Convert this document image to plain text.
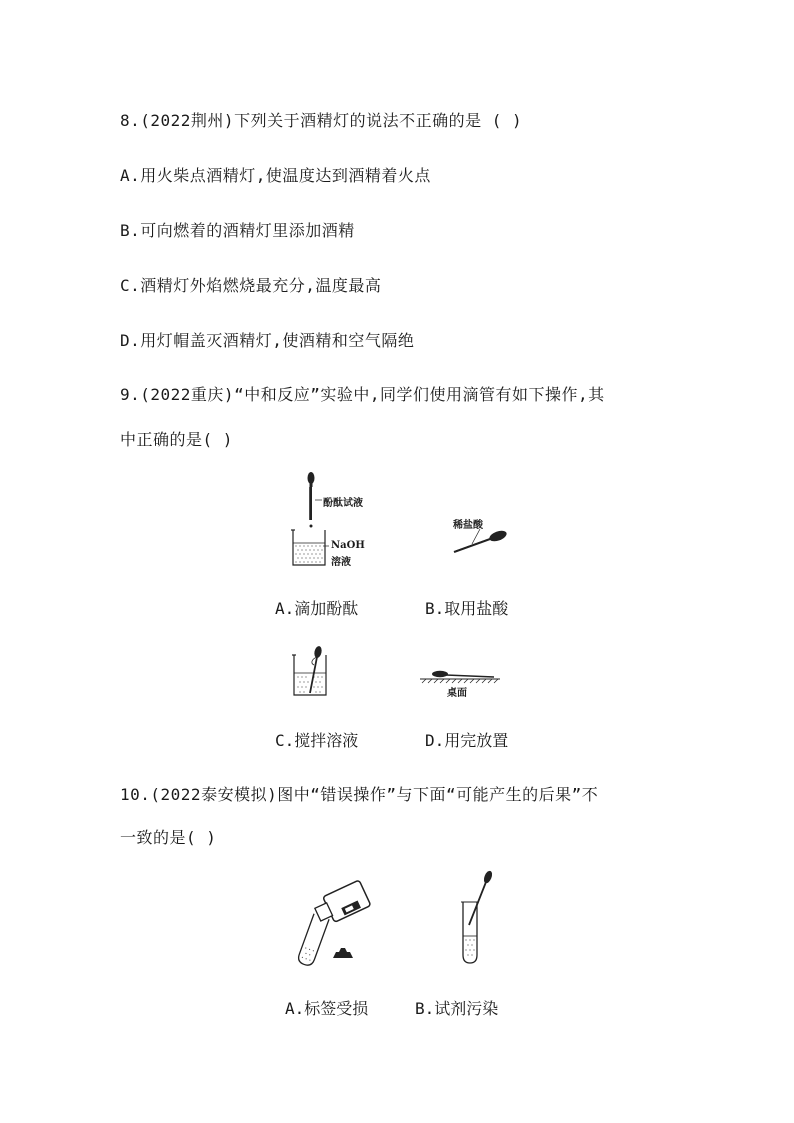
8.(2022荆州)下列关于酒精灯的说法不正确的是 ( )
A.用火柴点酒精灯,使温度达到酒精着火点
B.可向燃着的酒精灯里添加酒精
C.酒精灯外焰燃烧最充分,温度最高
D.用灯帽盖灭酒精灯,使酒精和空气隔绝
9.(2022重庆)“中和反应”实验中,同学们使用滴管有如下操作,其
中正确的是( )
酚酞试液
NaOH
溶液
稀盐酸
A.滴加酚酞	B.取用盐酸
桌面
C.搅拌溶液	D.用完放置
10.(2022泰安模拟)图中“错误操作”与下面“可能产生的后果”不
一致的是( )
A.标签受损	B.试剂污染
